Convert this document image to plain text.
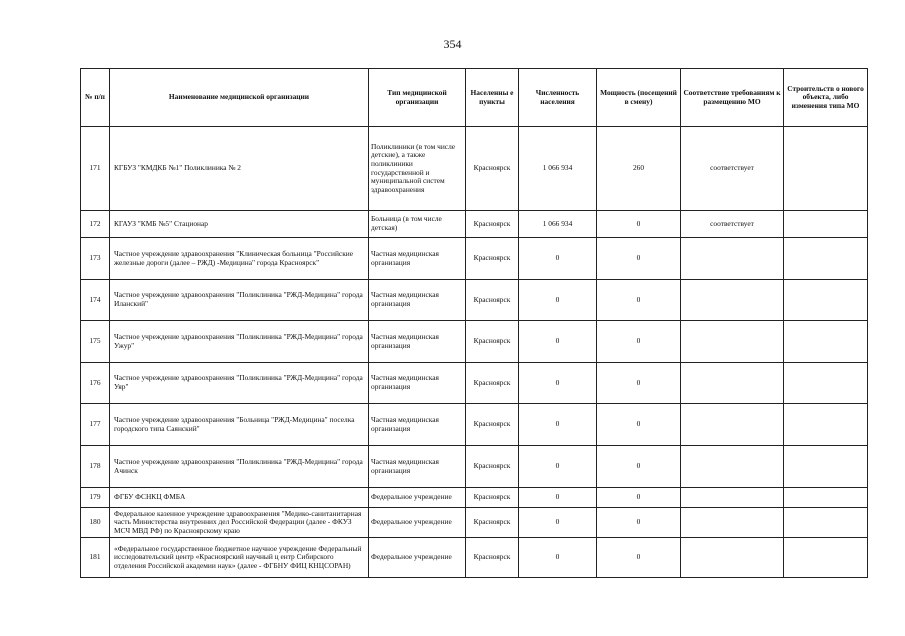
354
№ п/п	Наименование медицинской организации	Тип медицинской организации	Населенны е пункты	Численность населения	Мощность (посещений в смену)	Соответствие требованиям к размещению МО	Строительств о нового объекта, либо изменения типа МО
171	КГБУЗ "КМДКБ №1" Поликлиника № 2	Поликлиники (в том числе детские), а также поликлиники государственной и муниципальной систем здравоохранения	Красноярск	1 066 934	260	соответствует	
172	КГАУЗ "КМБ №5" Стационар	Больница (в том числе детская)	Красноярск	1 066 934	0	соответствует	
173	Частное учреждение здравоохранения "Клиническая больница "Российские железные дороги (далее – РЖД) -Медицина" города Красноярск"	Частная медицинская организация	Красноярск	0	0		
174	Частное учреждение здравоохранения "Поликлиника "РЖД-Медицина" города Иланский"	Частная медицинская организация	Красноярск	0	0		
175	Частное учреждение здравоохранения "Поликлиника "РЖД-Медицина" города Ужур"	Частная медицинская организация	Красноярск	0	0		
176	Частное учреждение здравоохранения "Поликлиника "РЖД-Медицина" города Уяр"	Частная медицинская организация	Красноярск	0	0		
177	Частное учреждение здравоохранения "Больница "РЖД-Медицина" поселка городского типа Саянский"	Частная медицинская организация	Красноярск	0	0		
178	Частное учреждение здравоохранения "Поликлиника "РЖД-Медицина" города Ачинск	Частная медицинская организация	Красноярск	0	0		
179	ФГБУ ФСНКЦ ФМБА	Федеральное учреждение	Красноярск	0	0		
180	Федеральное казенное учреждение здравоохранения "Медико-санитанитарная часть Министерства внутренних дел Российской Федерации (далее - ФКУЗ МСЧ МВД РФ) по Красноярскому краю	Федеральное учреждение	Красноярск	0	0		
181	«Федеральное государственное бюджетное научное учреждение Федеральный исследовательский центр «Красноярский научный ц ентр Сибирского отделения Российской академии наук» (далее - ФГБНУ ФИЦ КНЦСОРАН)	Федеральное учреждение	Красноярск	0	0		
